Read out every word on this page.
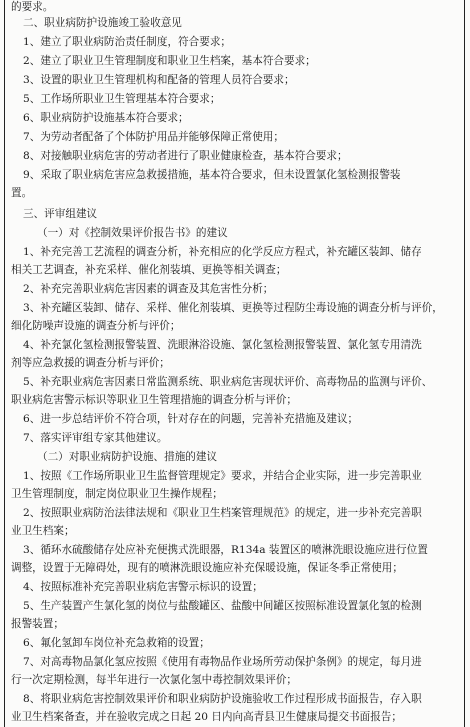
的要求。
二、职业病防护设施竣工验收意见
1、建立了职业病防治责任制度，符合要求；
2、建立了职业卫生管理制度和职业卫生档案，基本符合要求；
3、设置的职业卫生管理机构和配备的管理人员符合要求；
5、工作场所职业卫生管理基本符合要求；
6、职业病防护设施基本符合要求；
7、为劳动者配备了个体防护用品并能够保障正常使用；
8、对接触职业病危害的劳动者进行了职业健康检查，基本符合要求；
9、采取了职业病危害应急救援措施，基本符合要求，但未设置氯化氢检测报警装
置。
三、评审组建议
（一）对《控制效果评价报告书》的建议
1、补充完善工艺流程的调查分析，补充相应的化学反应方程式，补充罐区装卸、储存
相关工艺调查，补充采样、催化剂装填、更换等相关调查；
2、补充完善职业病危害因素的调查及其危害性分析；
3、补充罐区装卸、储存、采样、催化剂装填、更换等过程防尘毒设施的调查分析与评价，
细化防噪声设施的调查分析与评价；
4、补充氯化氢检测报警装置、洗眼淋浴设施、氯化氢检测报警装置、氯化氢专用清洗
剂等应急救援的调查分析与评价；
5、补充职业病危害因素日常监测系统、职业病危害现状评价、高毒物品的监测与评价、
职业病危害警示标识等职业卫生管理措施的调查分析与评价；
6、进一步总结评价不符合项，针对存在的问题，完善补充措施及建议；
7、落实评审组专家其他建议。
（二）对职业病防护设施、措施的建议
1、按照《工作场所职业卫生监督管理规定》要求，并结合企业实际，进一步完善职业
卫生管理制度，制定岗位职业卫生操作规程；
2、按照职业病防治法律法规和《职业卫生档案管理规范》的规定，进一步补充完善职
业卫生档案；
3、循环水硫酸储存处应补充便携式洗眼器，R134a 装置区的喷淋洗眼设施应进行位置
调整，设置于无障碍处，现有的喷淋洗眼设施应补充保暖设施，保证冬季正常使用；
4、按照标准补充完善职业病危害警示标识的设置；
5、生产装置产生氯化氢的岗位与盐酸罐区、盐酸中间罐区按照标准设置氯化氢的检测
报警装置；
6、氟化氢卸车岗位补充急救箱的设置；
7、对高毒物品氯化氢应按照《使用有毒物品作业场所劳动保护条例》的规定，每月进
行一次定期检测，每半年进行一次氯化氢中毒控制效果评价；
8、将职业病危害控制效果评价和职业病防护设施验收工作过程形成书面报告，存入职
业卫生档案备查，并在验收完成之日起 20 日内向高青县卫生健康局提交书面报告；
